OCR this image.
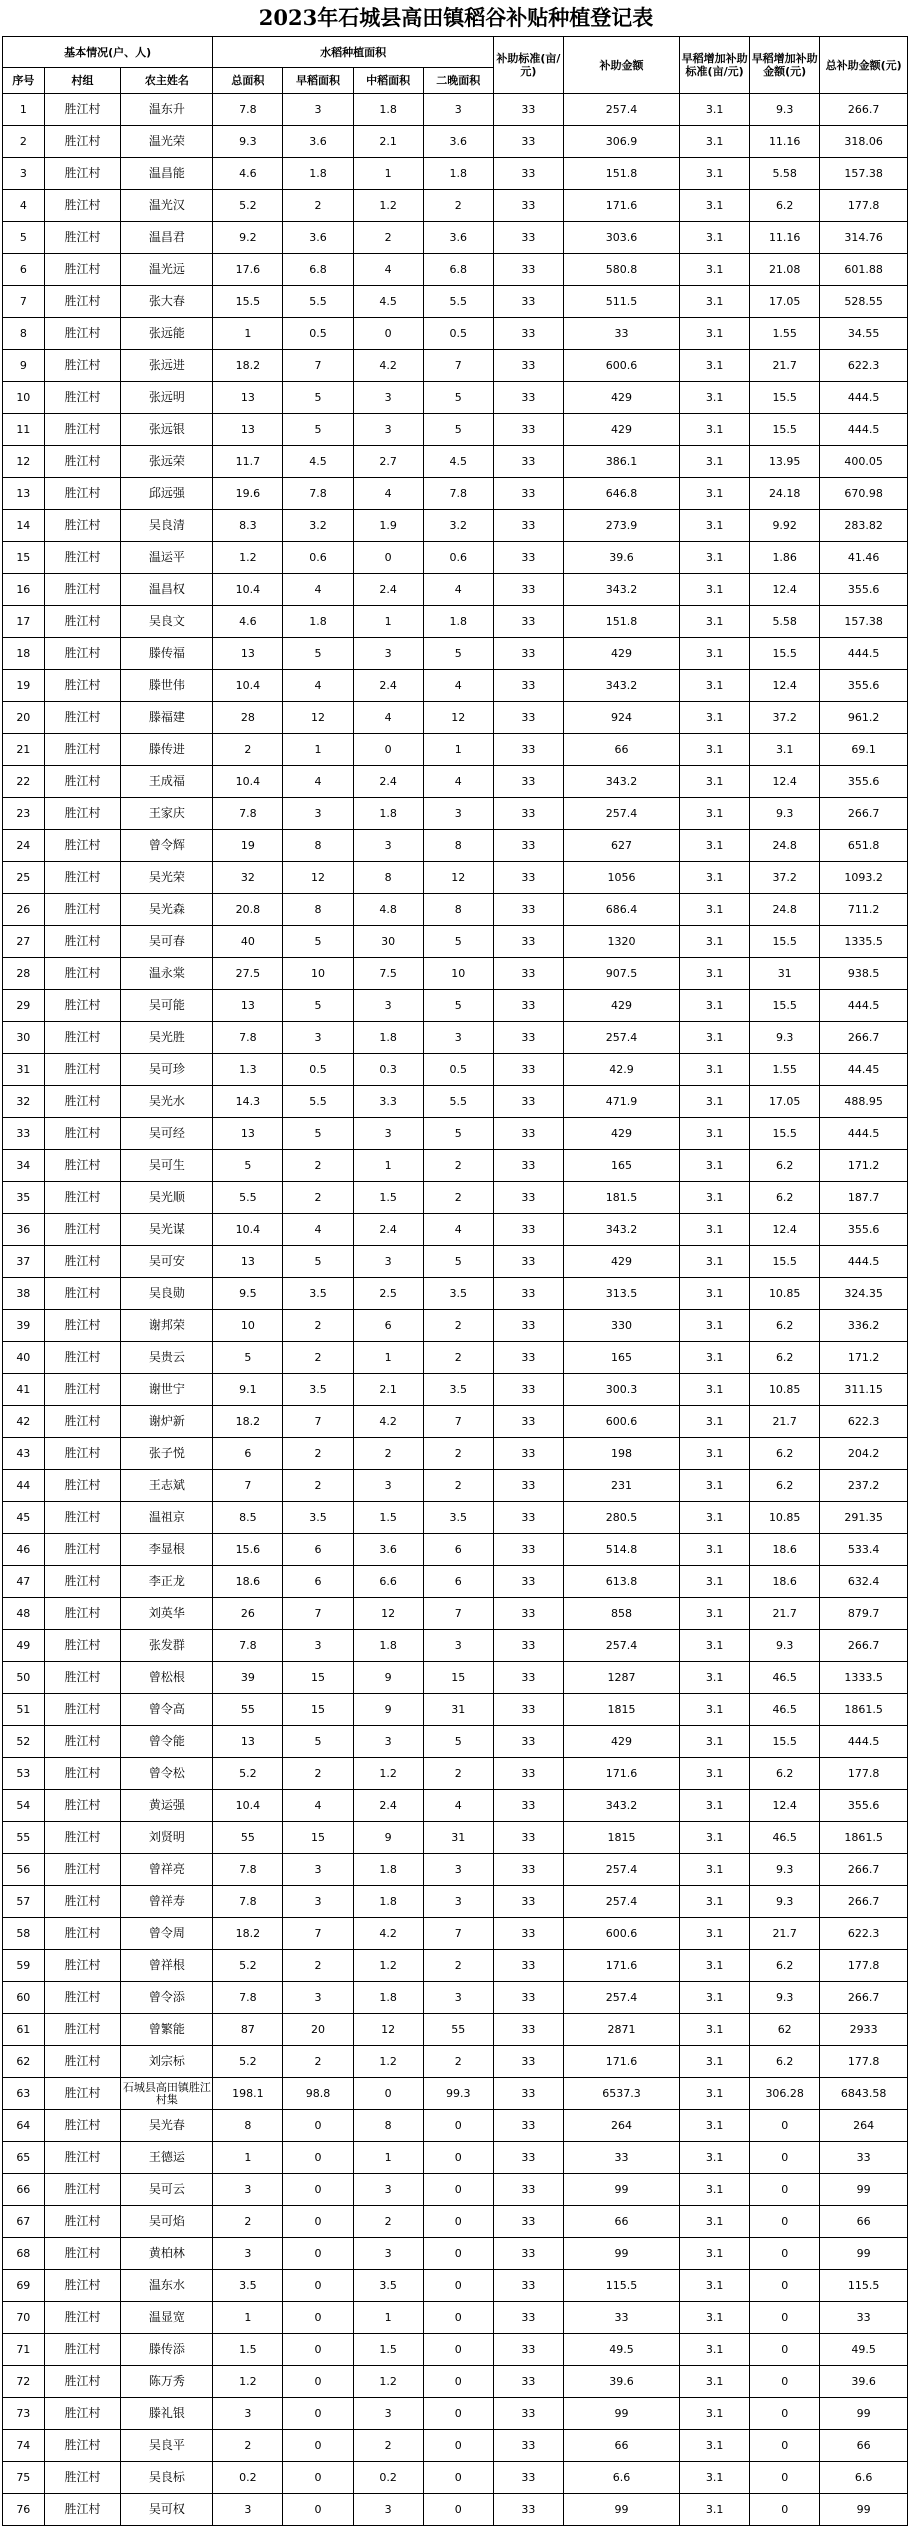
2023年石城县高田镇稻谷补贴种植登记表
基本情况(户、人)			水稻种植面积				补助标准(亩/元)	补助金额	早稻增加补助标准(亩/元)	早稻增加补助金额(元)	总补助金额(元)
序号	村组	农主姓名	总面积	早稻面积	中稻面积	二晚面积					
1	胜江村	温东升	7.8	3	1.8	3	33	257.4	3.1	9.3	266.7
2	胜江村	温光荣	9.3	3.6	2.1	3.6	33	306.9	3.1	11.16	318.06
3	胜江村	温昌能	4.6	1.8	1	1.8	33	151.8	3.1	5.58	157.38
4	胜江村	温光汉	5.2	2	1.2	2	33	171.6	3.1	6.2	177.8
5	胜江村	温昌君	9.2	3.6	2	3.6	33	303.6	3.1	11.16	314.76
6	胜江村	温光远	17.6	6.8	4	6.8	33	580.8	3.1	21.08	601.88
7	胜江村	张大春	15.5	5.5	4.5	5.5	33	511.5	3.1	17.05	528.55
8	胜江村	张远能	1	0.5	0	0.5	33	33	3.1	1.55	34.55
9	胜江村	张远进	18.2	7	4.2	7	33	600.6	3.1	21.7	622.3
10	胜江村	张远明	13	5	3	5	33	429	3.1	15.5	444.5
11	胜江村	张远银	13	5	3	5	33	429	3.1	15.5	444.5
12	胜江村	张远荣	11.7	4.5	2.7	4.5	33	386.1	3.1	13.95	400.05
13	胜江村	邱远强	19.6	7.8	4	7.8	33	646.8	3.1	24.18	670.98
14	胜江村	吴良清	8.3	3.2	1.9	3.2	33	273.9	3.1	9.92	283.82
15	胜江村	温运平	1.2	0.6	0	0.6	33	39.6	3.1	1.86	41.46
16	胜江村	温昌权	10.4	4	2.4	4	33	343.2	3.1	12.4	355.6
17	胜江村	吴良文	4.6	1.8	1	1.8	33	151.8	3.1	5.58	157.38
18	胜江村	滕传福	13	5	3	5	33	429	3.1	15.5	444.5
19	胜江村	滕世伟	10.4	4	2.4	4	33	343.2	3.1	12.4	355.6
20	胜江村	滕福建	28	12	4	12	33	924	3.1	37.2	961.2
21	胜江村	滕传进	2	1	0	1	33	66	3.1	3.1	69.1
22	胜江村	王成福	10.4	4	2.4	4	33	343.2	3.1	12.4	355.6
23	胜江村	王家庆	7.8	3	1.8	3	33	257.4	3.1	9.3	266.7
24	胜江村	曾令辉	19	8	3	8	33	627	3.1	24.8	651.8
25	胜江村	吴光荣	32	12	8	12	33	1056	3.1	37.2	1093.2
26	胜江村	吴光森	20.8	8	4.8	8	33	686.4	3.1	24.8	711.2
27	胜江村	吴可春	40	5	30	5	33	1320	3.1	15.5	1335.5
28	胜江村	温永棠	27.5	10	7.5	10	33	907.5	3.1	31	938.5
29	胜江村	吴可能	13	5	3	5	33	429	3.1	15.5	444.5
30	胜江村	吴光胜	7.8	3	1.8	3	33	257.4	3.1	9.3	266.7
31	胜江村	吴可珍	1.3	0.5	0.3	0.5	33	42.9	3.1	1.55	44.45
32	胜江村	吴光水	14.3	5.5	3.3	5.5	33	471.9	3.1	17.05	488.95
33	胜江村	吴可经	13	5	3	5	33	429	3.1	15.5	444.5
34	胜江村	吴可生	5	2	1	2	33	165	3.1	6.2	171.2
35	胜江村	吴光顺	5.5	2	1.5	2	33	181.5	3.1	6.2	187.7
36	胜江村	吴光谋	10.4	4	2.4	4	33	343.2	3.1	12.4	355.6
37	胜江村	吴可安	13	5	3	5	33	429	3.1	15.5	444.5
38	胜江村	吴良勋	9.5	3.5	2.5	3.5	33	313.5	3.1	10.85	324.35
39	胜江村	谢邦荣	10	2	6	2	33	330	3.1	6.2	336.2
40	胜江村	吴贵云	5	2	1	2	33	165	3.1	6.2	171.2
41	胜江村	谢世宁	9.1	3.5	2.1	3.5	33	300.3	3.1	10.85	311.15
42	胜江村	谢炉新	18.2	7	4.2	7	33	600.6	3.1	21.7	622.3
43	胜江村	张子悦	6	2	2	2	33	198	3.1	6.2	204.2
44	胜江村	王志斌	7	2	3	2	33	231	3.1	6.2	237.2
45	胜江村	温祖京	8.5	3.5	1.5	3.5	33	280.5	3.1	10.85	291.35
46	胜江村	李显根	15.6	6	3.6	6	33	514.8	3.1	18.6	533.4
47	胜江村	李正龙	18.6	6	6.6	6	33	613.8	3.1	18.6	632.4
48	胜江村	刘英华	26	7	12	7	33	858	3.1	21.7	879.7
49	胜江村	张发群	7.8	3	1.8	3	33	257.4	3.1	9.3	266.7
50	胜江村	曾松根	39	15	9	15	33	1287	3.1	46.5	1333.5
51	胜江村	曾令高	55	15	9	31	33	1815	3.1	46.5	1861.5
52	胜江村	曾令能	13	5	3	5	33	429	3.1	15.5	444.5
53	胜江村	曾令松	5.2	2	1.2	2	33	171.6	3.1	6.2	177.8
54	胜江村	黄运强	10.4	4	2.4	4	33	343.2	3.1	12.4	355.6
55	胜江村	刘贤明	55	15	9	31	33	1815	3.1	46.5	1861.5
56	胜江村	曾祥亮	7.8	3	1.8	3	33	257.4	3.1	9.3	266.7
57	胜江村	曾祥寿	7.8	3	1.8	3	33	257.4	3.1	9.3	266.7
58	胜江村	曾令周	18.2	7	4.2	7	33	600.6	3.1	21.7	622.3
59	胜江村	曾祥根	5.2	2	1.2	2	33	171.6	3.1	6.2	177.8
60	胜江村	曾令添	7.8	3	1.8	3	33	257.4	3.1	9.3	266.7
61	胜江村	曾繁能	87	20	12	55	33	2871	3.1	62	2933
62	胜江村	刘宗标	5.2	2	1.2	2	33	171.6	3.1	6.2	177.8
63	胜江村	石城县高田镇胜江村集	198.1	98.8	0	99.3	33	6537.3	3.1	306.28	6843.58
64	胜江村	吴光春	8	0	8	0	33	264	3.1	0	264
65	胜江村	王德运	1	0	1	0	33	33	3.1	0	33
66	胜江村	吴可云	3	0	3	0	33	99	3.1	0	99
67	胜江村	吴可焰	2	0	2	0	33	66	3.1	0	66
68	胜江村	黄柏林	3	0	3	0	33	99	3.1	0	99
69	胜江村	温东水	3.5	0	3.5	0	33	115.5	3.1	0	115.5
70	胜江村	温显宽	1	0	1	0	33	33	3.1	0	33
71	胜江村	滕传添	1.5	0	1.5	0	33	49.5	3.1	0	49.5
72	胜江村	陈万秀	1.2	0	1.2	0	33	39.6	3.1	0	39.6
73	胜江村	滕礼银	3	0	3	0	33	99	3.1	0	99
74	胜江村	吴良平	2	0	2	0	33	66	3.1	0	66
75	胜江村	吴良标	0.2	0	0.2	0	33	6.6	3.1	0	6.6
76	胜江村	吴可权	3	0	3	0	33	99	3.1	0	99
